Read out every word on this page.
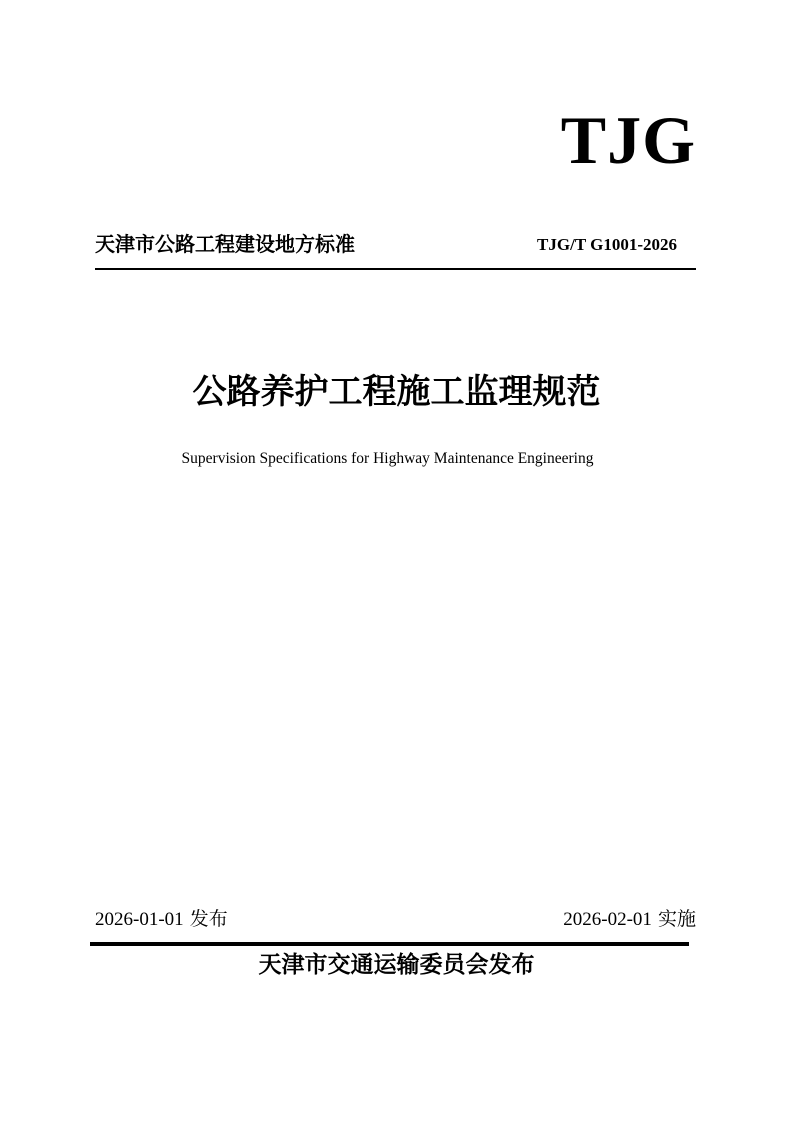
TJG
天津市公路工程建设地方标准	TJG/T G1001-2026
公路养护工程施工监理规范
Supervision Specifications for Highway Maintenance Engineering
2026-01-01 发布	2026-02-01 实施
天津市交通运输委员会发布
